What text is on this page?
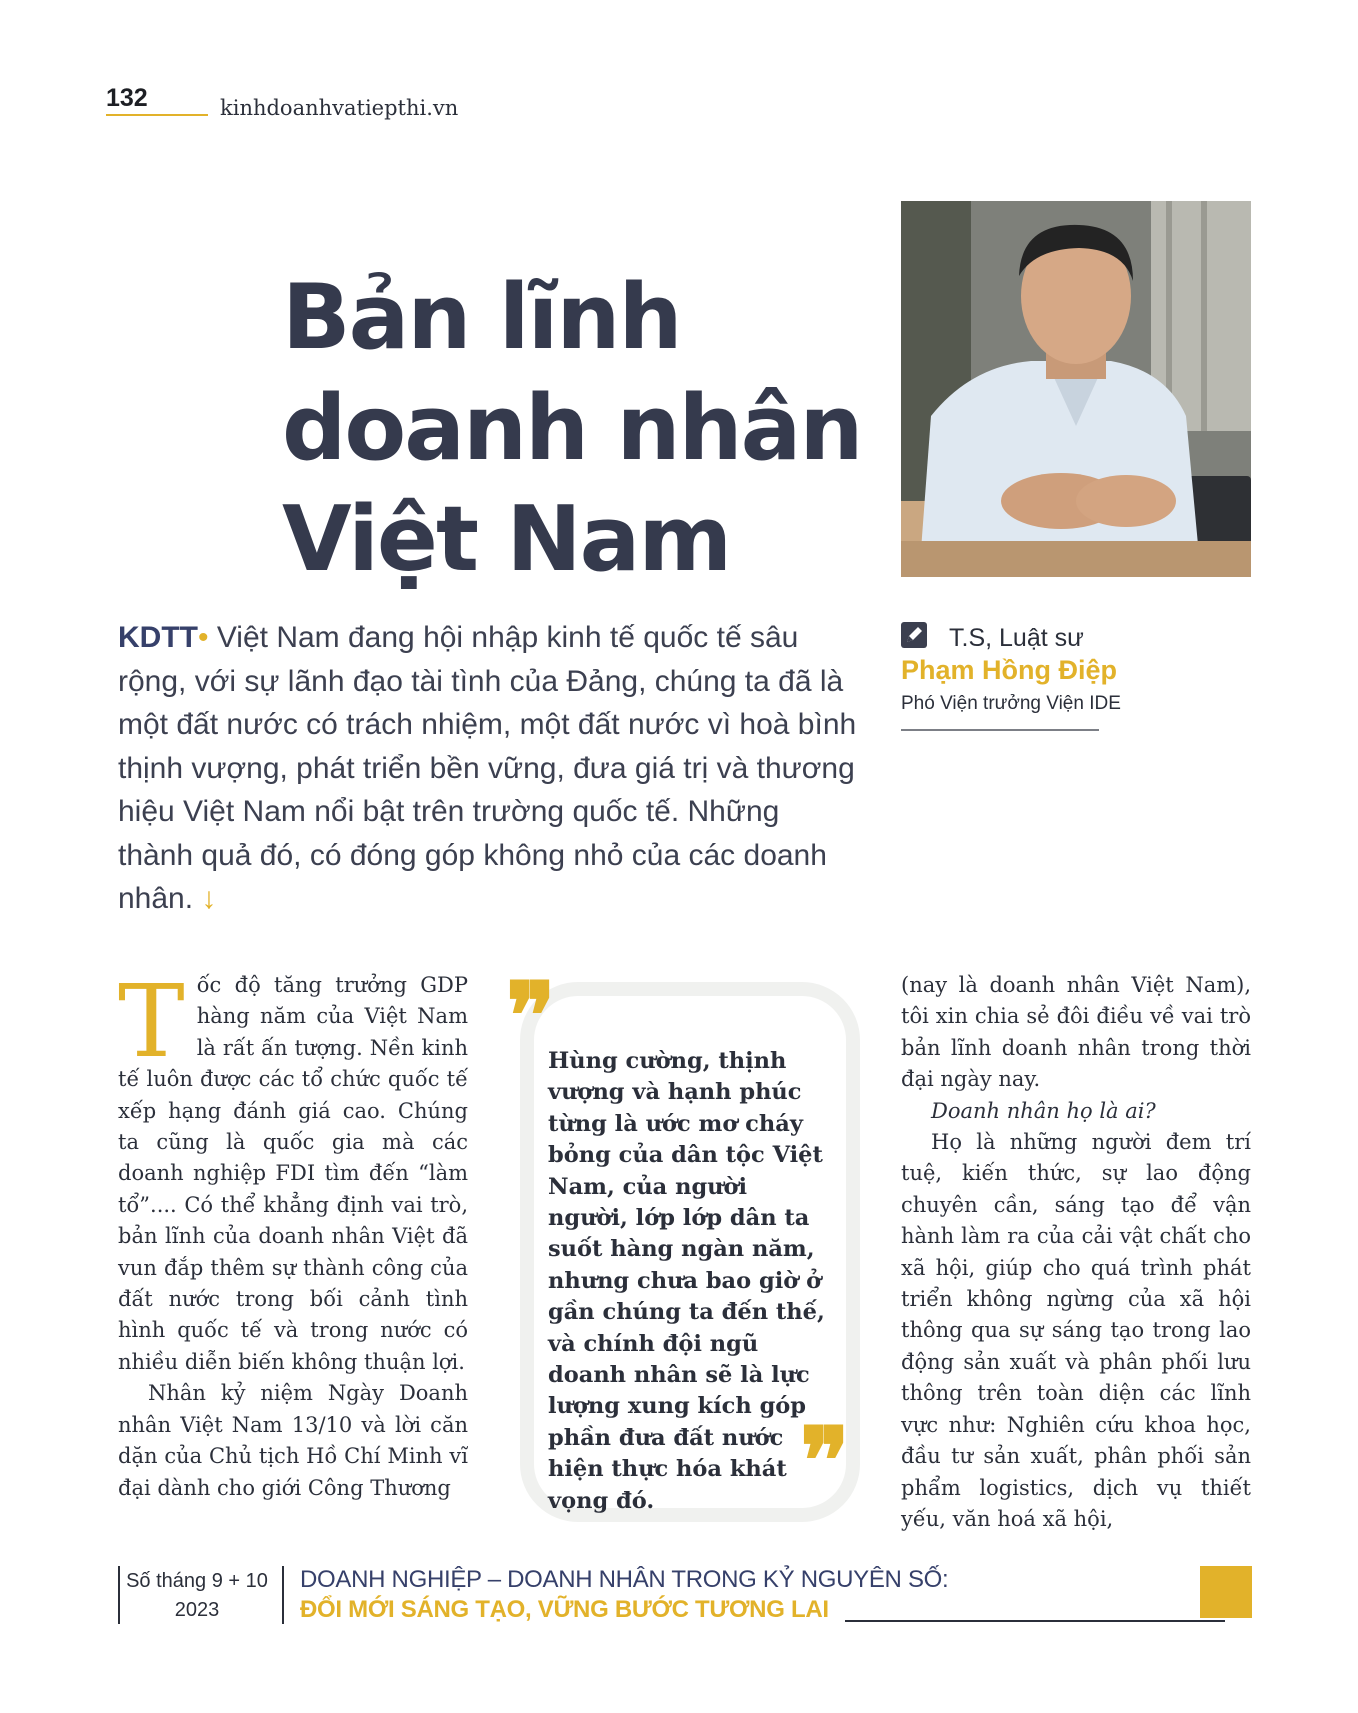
132	kinhdoanhvatiepthi.vn
Bản lĩnh
doanh nhân
Việt Nam
T.S, Luật sư
Phạm Hồng Điệp
Phó Viện trưởng Viện IDE

KDTT• Việt Nam đang hội nhập kinh tế quốc tế sâu rộng, với sự lãnh đạo tài tình của Đảng, chúng ta đã là một đất nước có trách nhiệm, một đất nước vì hoà bình thịnh vượng, phát triển bền vững, đưa giá trị và thương hiệu Việt Nam nổi bật trên trường quốc tế. Những thành quả đó, có đóng góp không nhỏ của các doanh nhân. ↓

Tốc độ tăng trưởng GDP hàng năm của Việt Nam là rất ấn tượng. Nền kinh tế luôn được các tổ chức quốc tế xếp hạng đánh giá cao. Chúng ta cũng là quốc gia mà các doanh nghiệp FDI tìm đến “làm tổ”.... Có thể khẳng định vai trò, bản lĩnh của doanh nhân Việt đã vun đắp thêm sự thành công của đất nước trong bối cảnh tình hình quốc tế và trong nước có nhiều diễn biến không thuận lợi.

Nhân kỷ niệm Ngày Doanh nhân Việt Nam 13/10 và lời căn dặn của Chủ tịch Hồ Chí Minh vĩ đại dành cho giới Công Thương

❞

Hùng cường, thịnh vượng và hạnh phúc từng là ước mơ cháy bỏng của dân tộc Việt Nam, của người người, lớp lớp dân ta suốt hàng ngàn năm, nhưng chưa bao giờ ở gần chúng ta đến thế, và chính đội ngũ doanh nhân sẽ là lực lượng xung kích góp phần đưa đất nước hiện thực hóa khát vọng đó.	❞

(nay là doanh nhân Việt Nam), tôi xin chia sẻ đôi điều về vai trò bản lĩnh doanh nhân trong thời đại ngày nay.

Doanh nhân họ là ai?

Họ là những người đem trí tuệ, kiến thức, sự lao động chuyên cần, sáng tạo để vận hành làm ra của cải vật chất cho xã hội, giúp cho quá trình phát triển không ngừng của xã hội thông qua sự sáng tạo trong lao động sản xuất và phân phối lưu thông trên toàn diện các lĩnh vực như: Nghiên cứu khoa học, đầu tư sản xuất, phân phối sản phẩm logistics, dịch vụ thiết yếu, văn hoá xã hội,

Số tháng 9 + 10
2023
DOANH NGHIỆP – DOANH NHÂN TRONG KỶ NGUYÊN SỐ:
ĐỔI MỚI SÁNG TẠO, VỮNG BƯỚC TƯƠNG LAI
